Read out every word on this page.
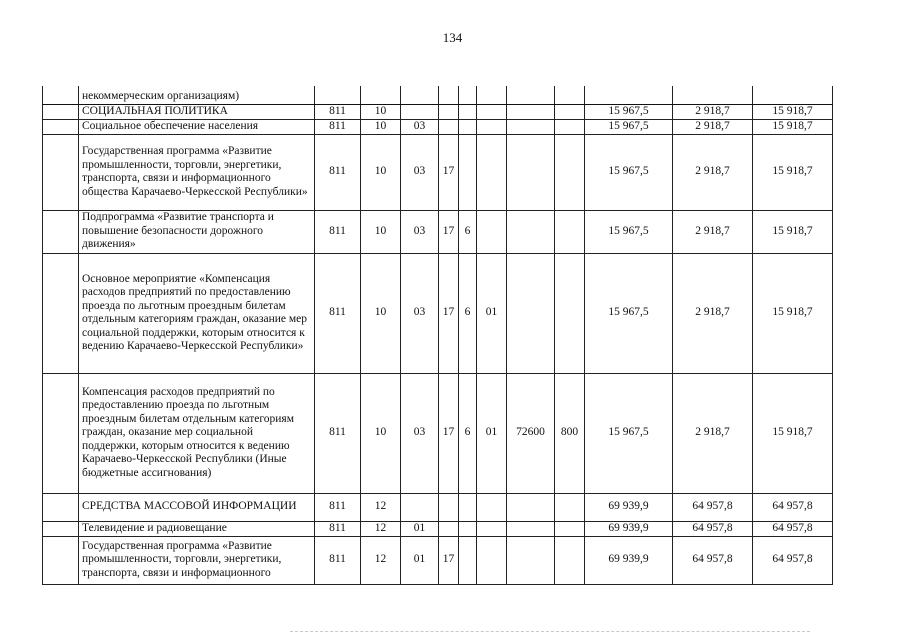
134
	некоммерческим организациям)											
	СОЦИАЛЬНАЯ ПОЛИТИКА	811	10							15 967,5	2 918,7	15 918,7
	Социальное обеспечение населения	811	10	03						15 967,5	2 918,7	15 918,7
	Государственная программа «Развитие промышленности, торговли, энергетики, транспорта, связи и информационного общества Карачаево-Черкесской Республики»	811	10	03	17					15 967,5	2 918,7	15 918,7
	Подпрограмма «Развитие транспорта и повышение безопасности дорожного движения»	811	10	03	17	6				15 967,5	2 918,7	15 918,7
	Основное мероприятие «Компенсация расходов предприятий по предоставлению проезда по льготным проездным билетам отдельным категориям граждан, оказание мер социальной поддержки, которым относится к ведению Карачаево-Черкесской Республики»	811	10	03	17	6	01			15 967,5	2 918,7	15 918,7
	Компенсация расходов предприятий по предоставлению проезда по льготным проездным билетам отдельным категориям граждан, оказание мер социальной поддержки, которым относится к ведению Карачаево-Черкесской Республики (Иные бюджетные ассигнования)	811	10	03	17	6	01	72600	800	15 967,5	2 918,7	15 918,7
	СРЕДСТВА МАССОВОЙ ИНФОРМАЦИИ	811	12							69 939,9	64 957,8	64 957,8
	Телевидение и радиовещание	811	12	01						69 939,9	64 957,8	64 957,8
	Государственная программа «Развитие промышленности, торговли, энергетики, транспорта, связи и информационного	811	12	01	17					69 939,9	64 957,8	64 957,8
